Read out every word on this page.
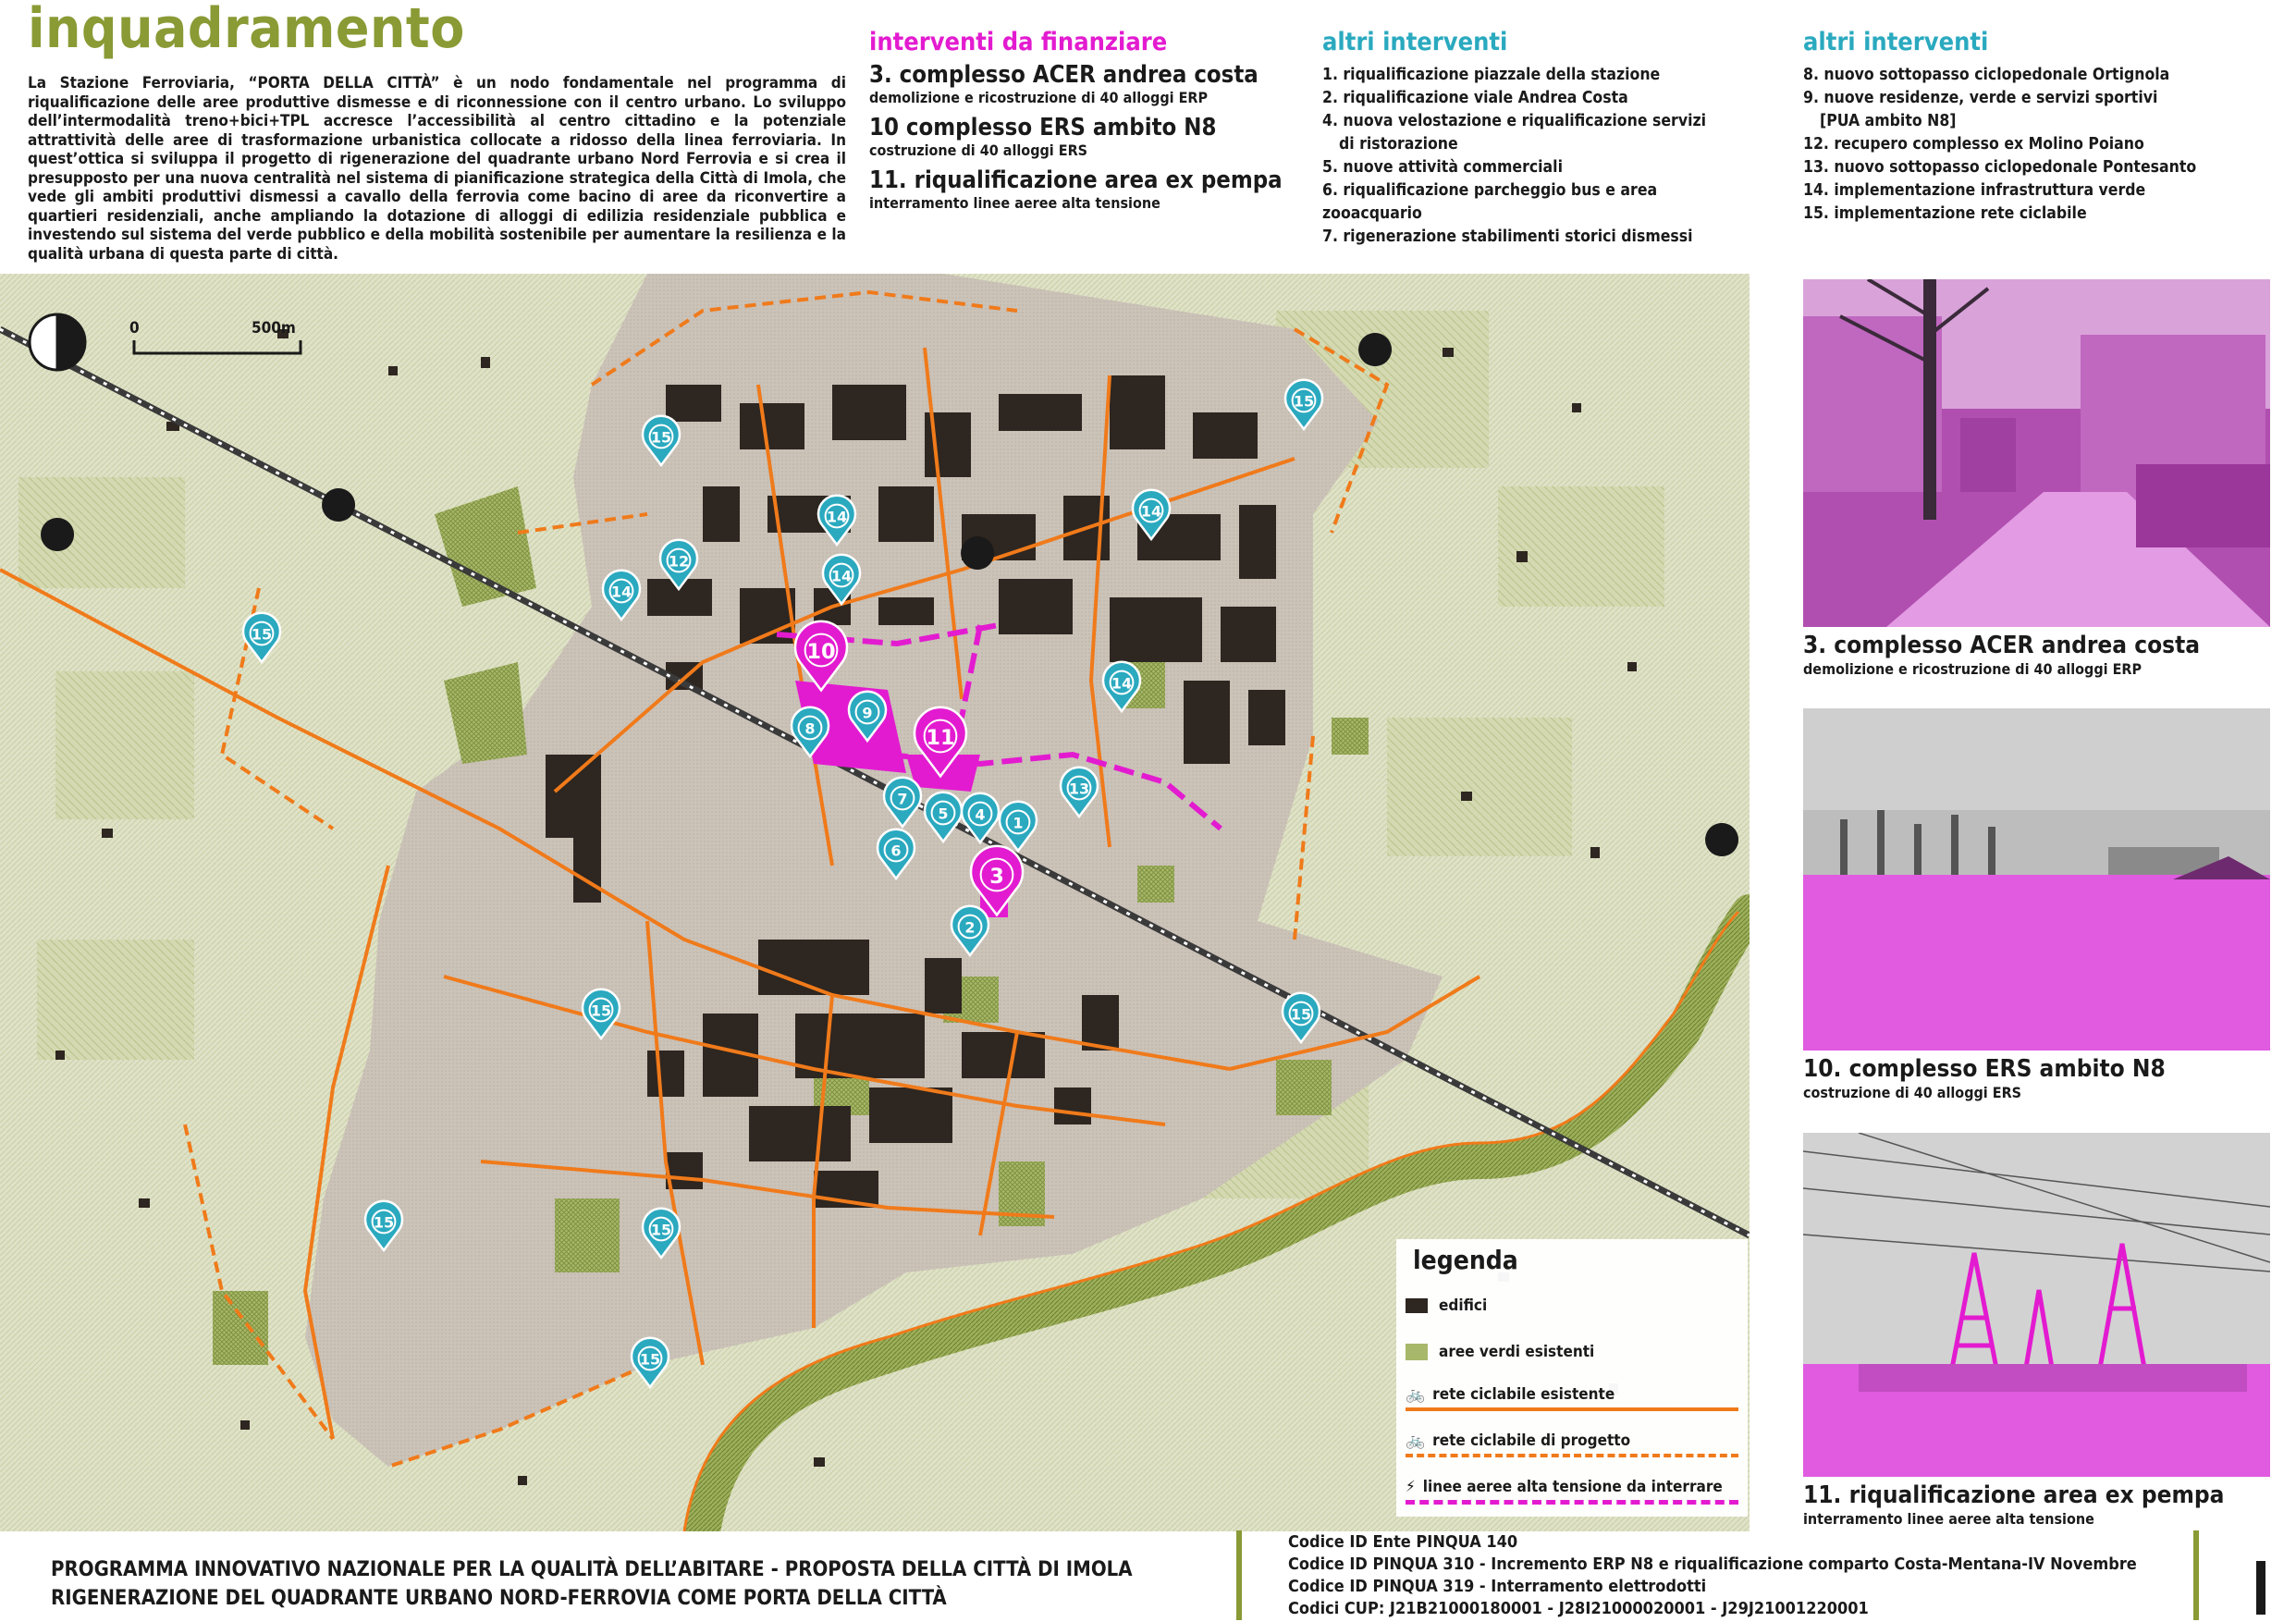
inquadramento
La Stazione Ferroviaria, “PORTA DELLA CITTÀ” è un nodo fondamentale nel programma di riqualificazione delle aree produttive dismesse e di riconnessione con il centro urbano. Lo sviluppo dell’intermodalità treno+bici+TPL accresce l’accessibilità al centro cittadino e la potenziale attrattività delle aree di trasformazione urbanistica collocate a ridosso della linea ferroviaria. In quest’ottica si sviluppa il progetto di rigenerazione del quadrante urbano Nord Ferrovia e si crea il presupposto per una nuova centralità nel sistema di pianificazione strategica della Città di Imola, che vede gli ambiti produttivi dismessi a cavallo della ferrovia come bacino di aree da riconvertire a quartieri residenziali, anche ampliando la dotazione di alloggi di edilizia residenziale pubblica e investendo sul sistema del verde pubblico e della mobilità sostenibile per aumentare la resilienza e la qualità urbana di questa parte di città.
interventi da finanziare
3. complesso ACER andrea costa
demolizione e ricostruzione di 40 alloggi ERP
10 complesso ERS ambito N8
costruzione di 40 alloggi ERS
11. riqualificazione area ex pempa
interramento linee aeree alta tensione
altri interventi
1. riqualificazione piazzale della stazione
2. riqualificazione viale Andrea Costa
4. nuova velostazione e riqualificazione servizi
di ristorazione
5. nuove attività commerciali
6. riqualificazione parcheggio bus e area zooacquario
7. rigenerazione stabilimenti storici dismessi
altri interventi
8. nuovo sottopasso ciclopedonale Ortignola
9. nuove residenze, verde e servizi sportivi
[PUA ambito N8]
12. recupero complesso ex Molino Poiano
13. nuovo sottopasso ciclopedonale Pontesanto
14. implementazione infrastruttura verde
15. implementazione rete ciclabile
0	500m
15
15
15
15
15	15
15
15
14	14
14
14
14
13
12
9
8
7
6
5 4
2
1
10
11
3
legenda
edifici
aree verdi esistenti
🚲 rete ciclabile esistente
🚲 rete ciclabile di progetto
⚡ linee aeree alta tensione da interrare
3. complesso ACER andrea costa
demolizione e ricostruzione di 40 alloggi ERP
10. complesso ERS ambito N8
costruzione di 40 alloggi ERS
11. riqualificazione area ex pempa
interramento linee aeree alta tensione
PROGRAMMA INNOVATIVO NAZIONALE PER LA QUALITÀ DELL’ABITARE - PROPOSTA DELLA CITTÀ DI IMOLA
RIGENERAZIONE DEL QUADRANTE URBANO NORD-FERROVIA COME PORTA DELLA CITTÀ
Codice ID Ente PINQUA 140
Codice ID PINQUA 310 - Incremento ERP N8 e riqualificazione comparto Costa-Mentana-IV Novembre
Codice ID PINQUA 319 - Interramento elettrodotti
Codici CUP: J21B21000180001 - J28I21000020001 - J29J21001220001
